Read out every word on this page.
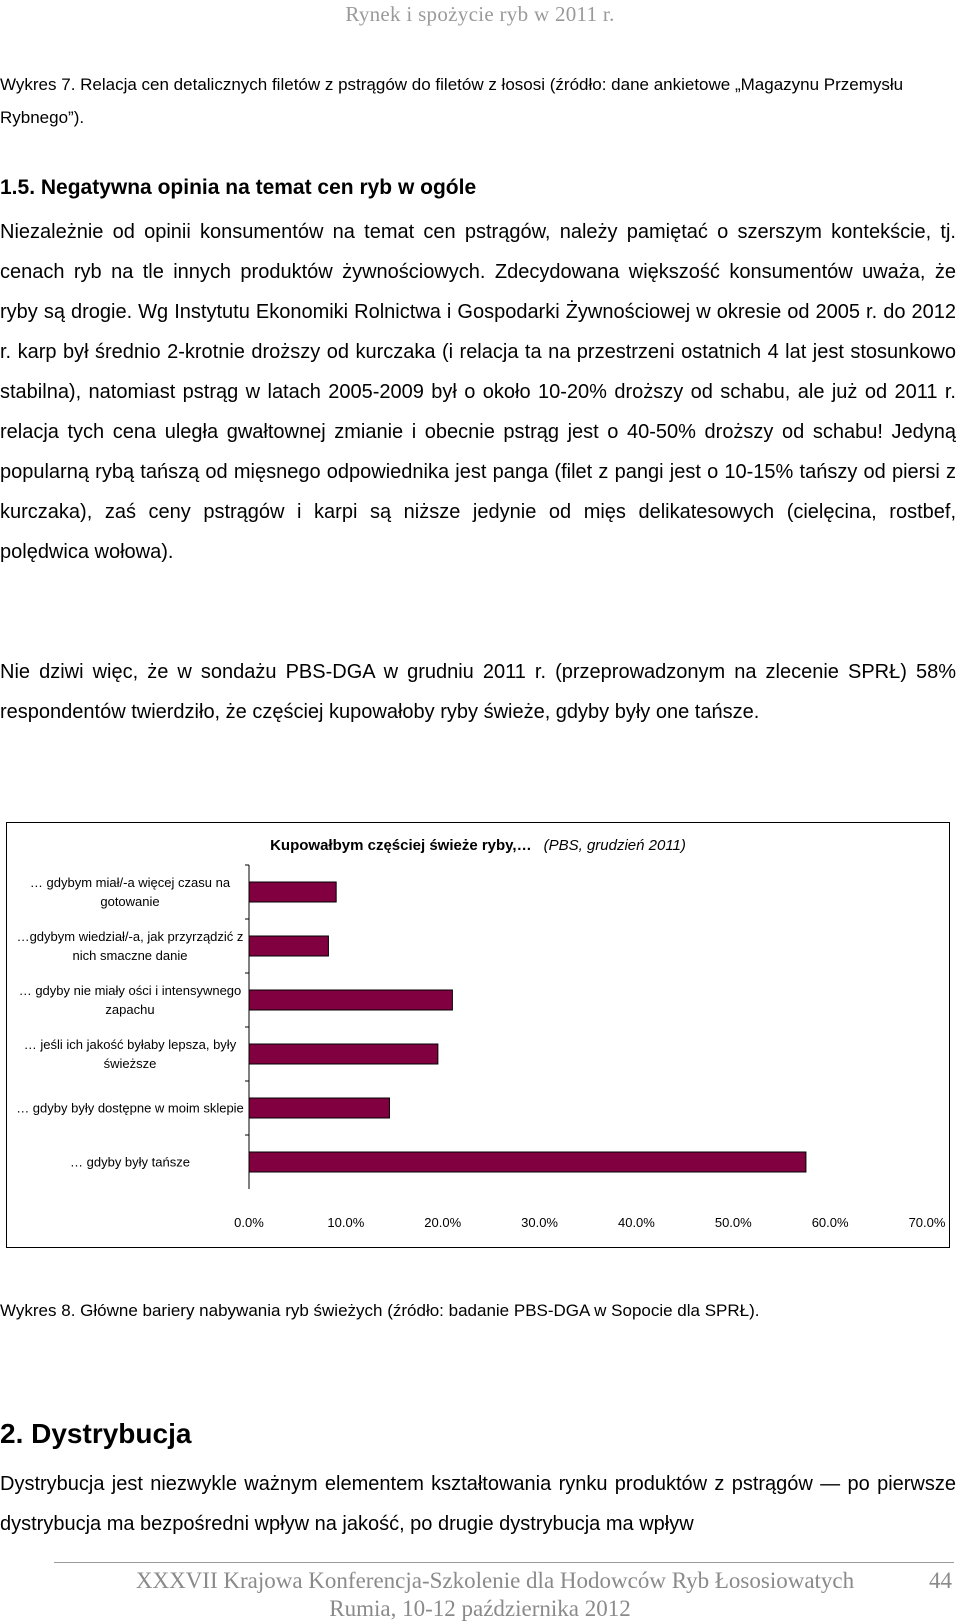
Rynek i spożycie ryb w 2011 r.
Wykres 7. Relacja cen detalicznych filetów z pstrągów do filetów z łososi (źródło: dane ankietowe „Magazynu Przemysłu Rybnego”).
1.5. Negatywna opinia na temat cen ryb w ogóle
Niezależnie od opinii konsumentów na temat cen pstrągów, należy pamiętać o szerszym kontekście, tj. cenach ryb na tle innych produktów żywnościowych. Zdecydowana większość konsumentów uważa, że ryby są drogie. Wg Instytutu Ekonomiki Rolnictwa i Gospodarki Żywnościowej w okresie od 2005 r. do 2012 r. karp był średnio 2-krotnie droższy od kurczaka (i relacja ta na przestrzeni ostatnich 4 lat jest stosunkowo stabilna), natomiast pstrąg w latach 2005-2009 był o około 10-20% droższy od schabu, ale już od 2011 r. relacja tych cena uległa gwałtownej zmianie i obecnie pstrąg jest o 40-50% droższy od schabu! Jedyną popularną rybą tańszą od mięsnego odpowiednika jest panga (filet z pangi jest o 10-15% tańszy od piersi z kurczaka), zaś ceny pstrągów i karpi są niższe jedynie od mięs delikatesowych (cielęcina, rostbef, polędwica wołowa).
Nie dziwi więc, że w sondażu PBS-DGA w grudniu 2011 r. (przeprowadzonym na zlecenie SPRŁ) 58% respondentów twierdziło, że częściej kupowałoby ryby świeże, gdyby były one tańsze.
Kupowałbym częściej świeże ryby,… (PBS, grudzień 2011)
… gdybym miał/-a więcej czasu na gotowanie
…gdybym wiedział/-a, jak przyrządzić z nich smaczne danie
… gdyby nie miały ości i intensywnego zapachu
… jeśli ich jakość byłaby lepsza, były świeższe
… gdyby były dostępne w moim sklepie
… gdyby były tańsze
0.0%	10.0%	20.0%	30.0%	40.0%	50.0%	60.0%	70.0%
Wykres 8. Główne bariery nabywania ryb świeżych (źródło: badanie PBS-DGA w Sopocie dla SPRŁ).
2. Dystrybucja
Dystrybucja jest niezwykle ważnym elementem kształtowania rynku produktów z pstrągów — po pierwsze dystrybucja ma bezpośredni wpływ na jakość, po drugie dystrybucja ma wpływ
XXXVII Krajowa Konferencja-Szkolenie dla Hodowców Ryb Łososiowatych	44
Rumia, 10-12 października 2012
